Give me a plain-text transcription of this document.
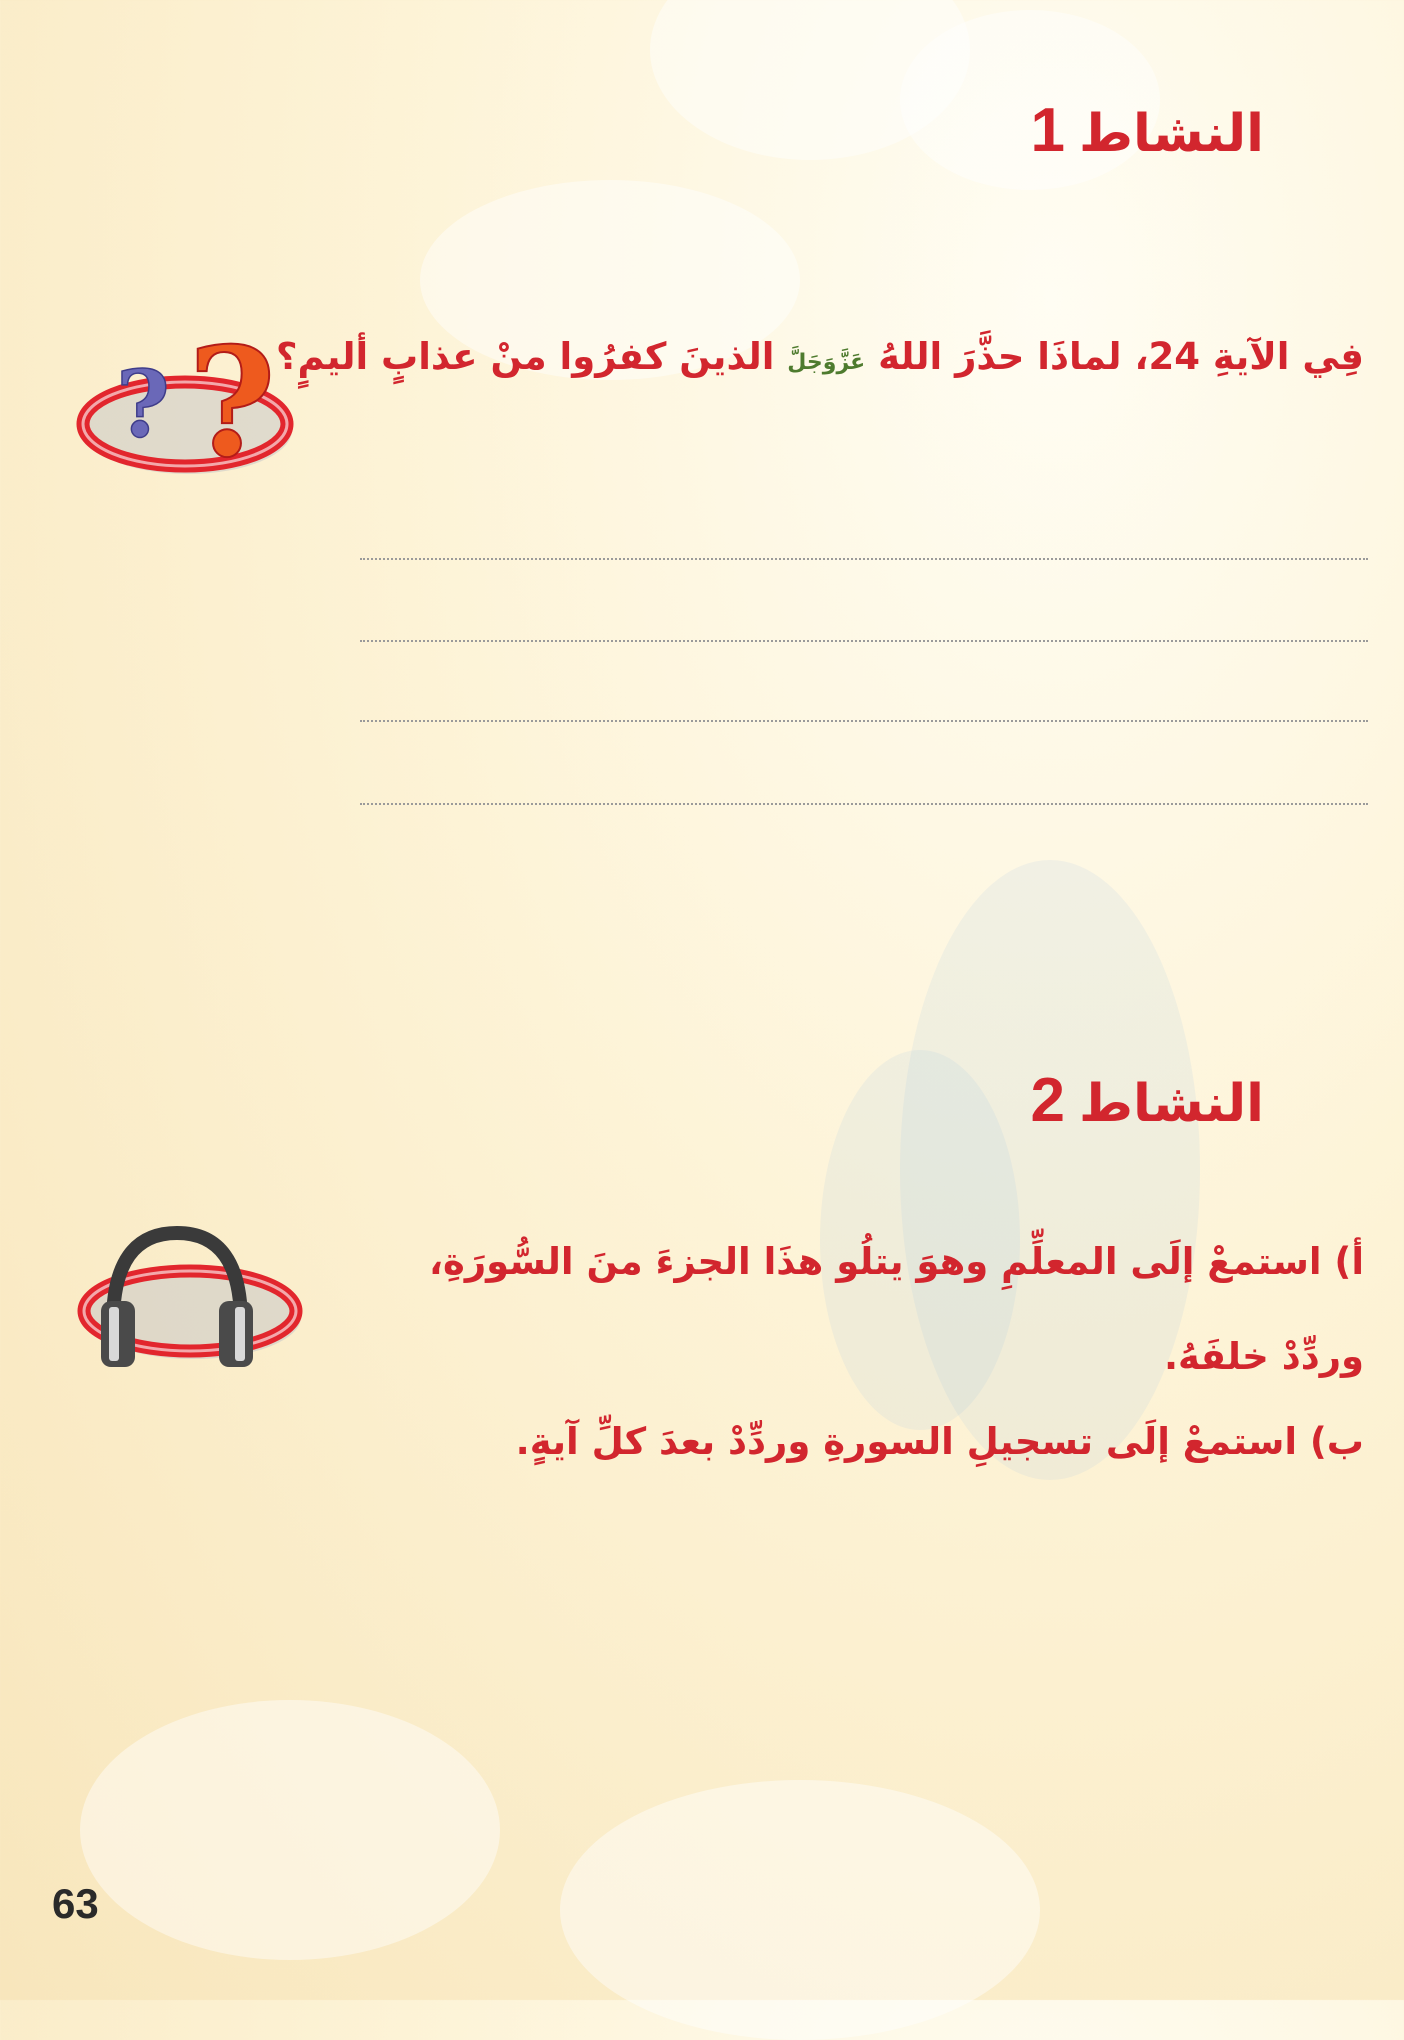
النشاط1
?
?	فِي الآيةِ 24، لماذَا حذَّرَ اللهُ عَزَّوَجَلَّ الذينَ كفرُوا منْ عذابٍ أليمٍ؟
النشاط2
أ) استمعْ إلَى المعلِّمِ وهوَ يتلُو هذَا الجزءَ منَ السُّورَةِ،
وردِّدْ خلفَهُ.
ب) استمعْ إلَى تسجيلِ السورةِ وردِّدْ بعدَ كلِّ آيةٍ.
63
